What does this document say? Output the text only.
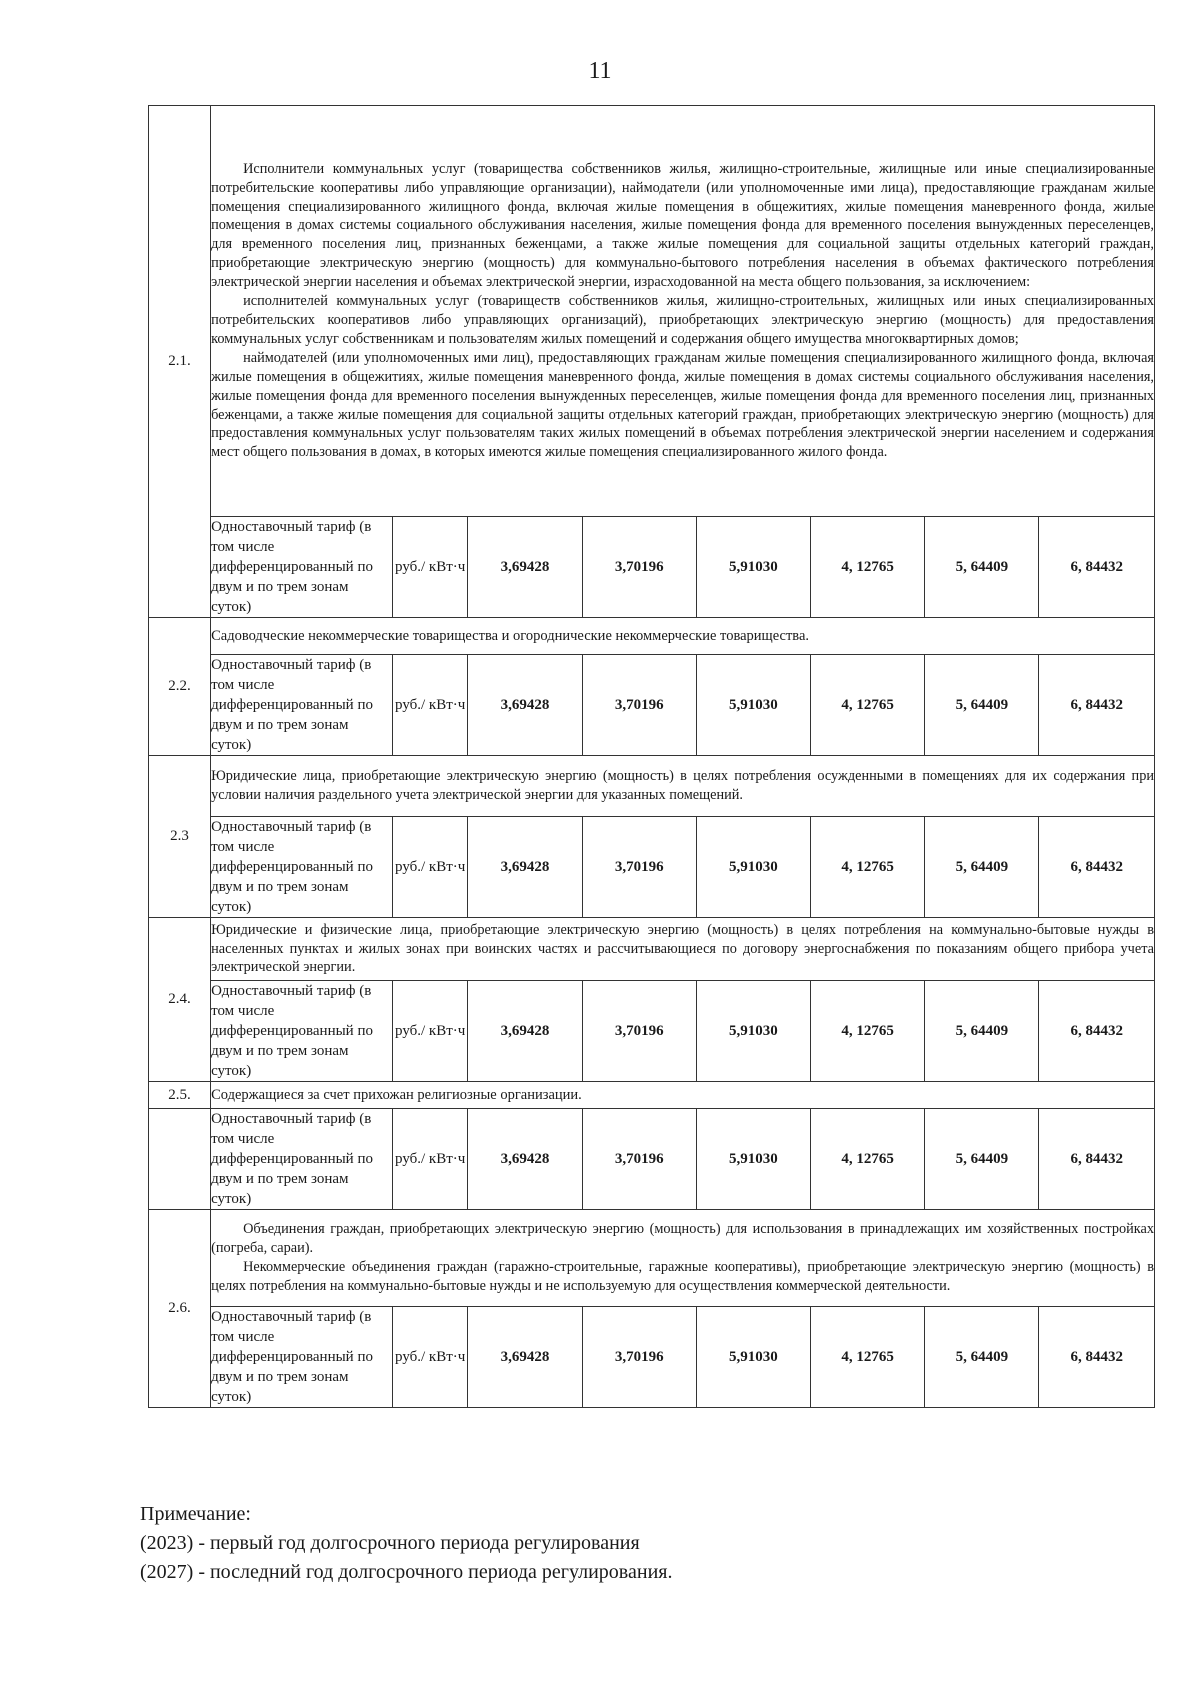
11
2.1.	Исполнители коммунальных услуг (товарищества собственников жилья, жилищно-строительные, жилищные или иные специализированные потребительские кооперативы либо управляющие организации), наймодатели (или уполномоченные ими лица), предоставляющие гражданам жилые помещения специализированного жилищного фонда, включая жилые помещения в общежитиях, жилые помещения маневренного фонда, жилые помещения в домах системы социального обслуживания населения, жилые помещения фонда для временного поселения вынужденных переселенцев, для временного поселения лиц, признанных беженцами, а также жилые помещения для социальной защиты отдельных категорий граждан, приобретающие электрическую энергию (мощность) для коммунально-бытового потребления населения в объемах фактического потребления электрической энергии населения и объемах электрической энергии, израсходованной на места общего пользования, за исключением:

исполнителей коммунальных услуг (товариществ собственников жилья, жилищно-строительных, жилищных или иных специализированных потребительских кооперативов либо управляющих организаций), приобретающих электрическую энергию (мощность) для предоставления коммунальных услуг собственникам и пользователям жилых помещений и содержания общего имущества многоквартирных домов;

наймодателей (или уполномоченных ими лиц), предоставляющих гражданам жилые помещения специализированного жилищного фонда, включая жилые помещения в общежитиях, жилые помещения маневренного фонда, жилые помещения в домах системы социального обслуживания населения, жилые помещения фонда для временного поселения вынужденных переселенцев, жилые помещения фонда для временного поселения лиц, признанных беженцами, а также жилые помещения для социальной защиты отдельных категорий граждан, приобретающих электрическую энергию (мощность) для предоставления коммунальных услуг пользователям таких жилых помещений в объемах потребления электрической энергии населением и содержания мест общего пользования в домах, в которых имеются жилые помещения специализированного жилого фонда.							

	Одноставочный тариф (в том числе дифференцированный по двум и по трем зонам суток)	руб./ кВт·ч	3,69428	3,70196	5,91030	4, 12765	5, 64409	6, 84432
2.2.	Садоводческие некоммерческие товарищества и огороднические некоммерческие товарищества.							

	Одноставочный тариф (в том числе дифференцированный по двум и по трем зонам суток)	руб./ кВт·ч	3,69428	3,70196	5,91030	4, 12765	5, 64409	6, 84432
2.3	Юридические лица, приобретающие электрическую энергию (мощность) в целях потребления осужденными в помещениях для их содержания при условии наличия раздельного учета электрической энергии для указанных помещений.							

	Одноставочный тариф (в том числе дифференцированный по двум и по трем зонам суток)	руб./ кВт·ч	3,69428	3,70196	5,91030	4, 12765	5, 64409	6, 84432
2.4.	Юридические и физические лица, приобретающие электрическую энергию (мощность) в целях потребления на коммунально-бытовые нужды в населенных пунктах и жилых зонах при воинских частях и рассчитывающиеся по договору энергоснабжения по показаниям общего прибора учета электрической энергии.							

	Одноставочный тариф (в том числе дифференцированный по двум и по трем зонам суток)	руб./ кВт·ч	3,69428	3,70196	5,91030	4, 12765	5, 64409	6, 84432
2.5.	Содержащиеся за счет прихожан религиозные организации.							

	Одноставочный тариф (в том числе дифференцированный по двум и по трем зонам суток)	руб./ кВт·ч	3,69428	3,70196	5,91030	4, 12765	5, 64409	6, 84432
2.6.	Объединения граждан, приобретающих электрическую энергию (мощность) для использования в принадлежащих им хозяйственных постройках (погреба, сараи).

Некоммерческие объединения граждан (гаражно-строительные, гаражные кооперативы), приобретающие электрическую энергию (мощность) в целях потребления на коммунально-бытовые нужды и не используемую для осуществления коммерческой деятельности.							

	Одноставочный тариф (в том числе дифференцированный по двум и по трем зонам суток)	руб./ кВт·ч	3,69428	3,70196	5,91030	4, 12765	5, 64409	6, 84432
Примечание:
(2023) - первый год долгосрочного периода регулирования
(2027) - последний год долгосрочного периода регулирования.
